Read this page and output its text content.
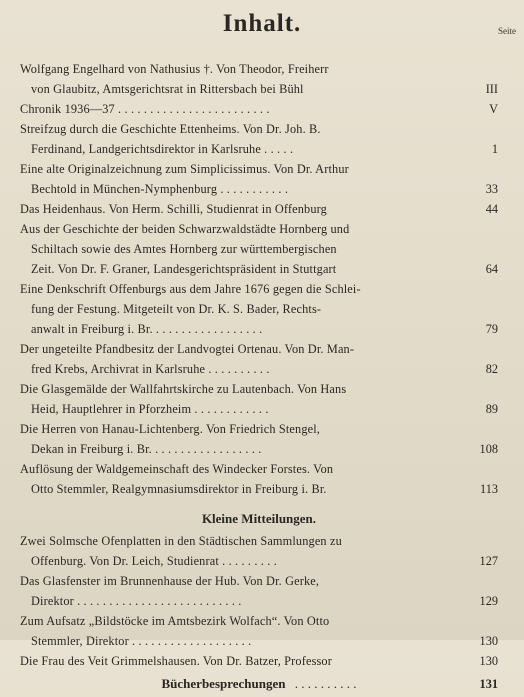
Inhalt.	Seite
Wolfgang Engelhard von Nathusius †. Von Theodor, Freiherr
von Glaubitz, Amtsgerichtsrat in Rittersbach bei Bühl	III
Chronik 1936—37 . . . . . . . . . . . . . . . . . . . . . . . .	V
Streifzug durch die Geschichte Ettenheims. Von Dr. Joh. B.
Ferdinand, Landgerichtsdirektor in Karlsruhe . . . . .	1
Eine alte Originalzeichnung zum Simplicissimus. Von Dr. Arthur
Bechtold in München-Nymphenburg . . . . . . . . . . .	33
Das Heidenhaus. Von Herm. Schilli, Studienrat in Offenburg	44
Aus der Geschichte der beiden Schwarzwaldstädte Hornberg und
Schiltach sowie des Amtes Hornberg zur württembergischen
Zeit. Von Dr. F. Graner, Landesgerichtspräsident in Stuttgart	64
Eine Denkschrift Offenburgs aus dem Jahre 1676 gegen die Schlei-
fung der Festung. Mitgeteilt von Dr. K. S. Bader, Rechts-
anwalt in Freiburg i. Br. . . . . . . . . . . . . . . . . .	79
Der ungeteilte Pfandbesitz der Landvogtei Ortenau. Von Dr. Man-
fred Krebs, Archivrat in Karlsruhe . . . . . . . . . .	82
Die Glasgemälde der Wallfahrtskirche zu Lautenbach. Von Hans
Heid, Hauptlehrer in Pforzheim . . . . . . . . . . . .	89
Die Herren von Hanau-Lichtenberg. Von Friedrich Stengel,
Dekan in Freiburg i. Br. . . . . . . . . . . . . . . . . .	108
Auflösung der Waldgemeinschaft des Windecker Forstes. Von
Otto Stemmler, Realgymnasiumsdirektor in Freiburg i. Br.	113
Kleine Mitteilungen.
Zwei Solmsche Ofenplatten in den Städtischen Sammlungen zu
Offenburg. Von Dr. Leich, Studienrat . . . . . . . . .	127
Das Glasfenster im Brunnenhause der Hub. Von Dr. Gerke,
Direktor . . . . . . . . . . . . . . . . . . . . . . . . . .	129
Zum Aufsatz „Bildstöcke im Amtsbezirk Wolfach“. Von Otto
Stemmler, Direktor . . . . . . . . . . . . . . . . . . .	130
Die Frau des Veit Grimmelshausen. Von Dr. Batzer, Professor	130
Bücherbesprechungen . . . . . . . . . .	131
